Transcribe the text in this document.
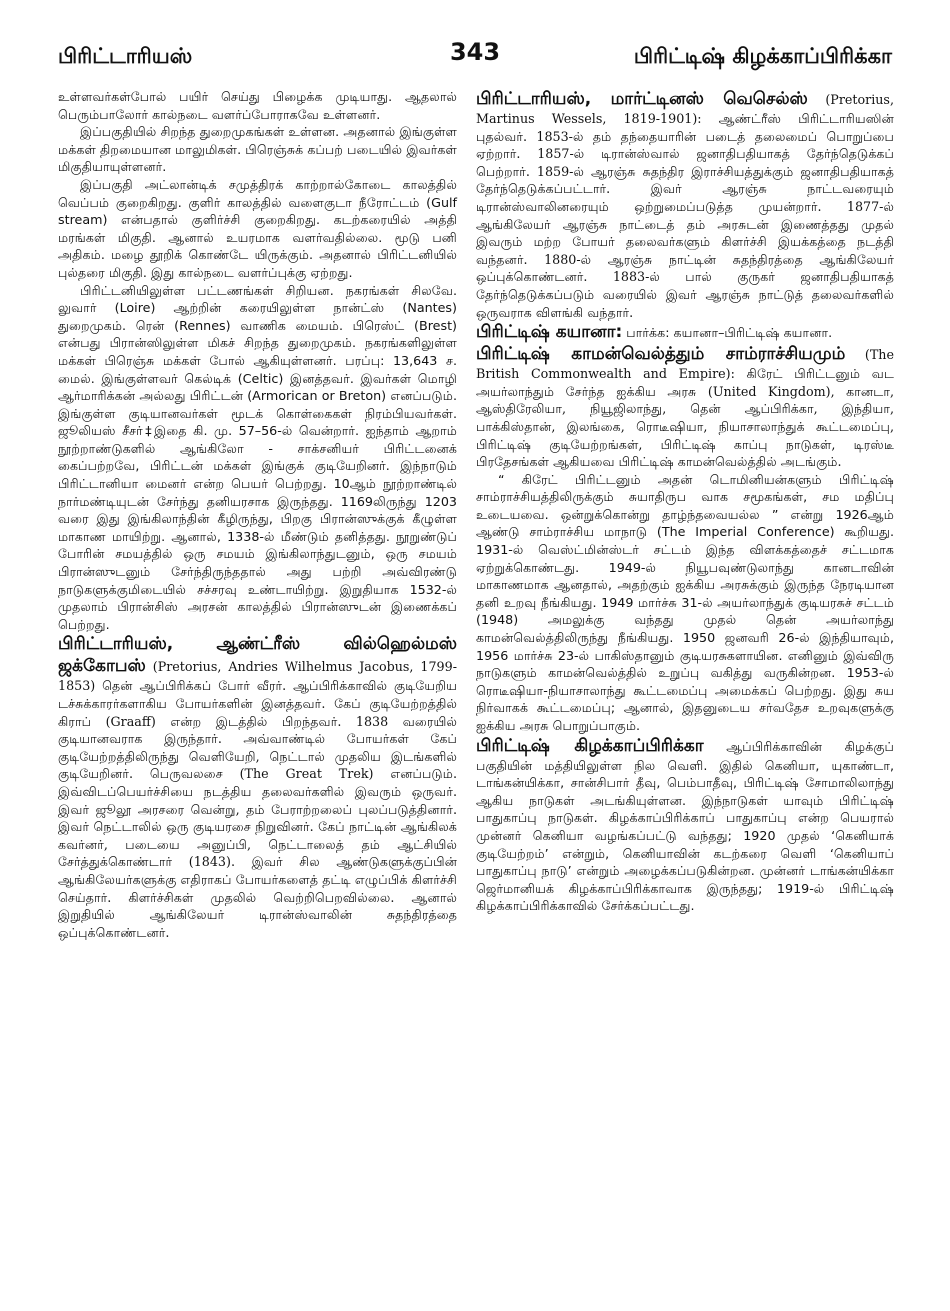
பிரிட்டாரியஸ்	343	பிரிட்டிஷ் கிழக்காப்பிரிக்கா

உள்ளவர்கள்போல் பயிர் செய்து பிழைக்க முடியாது. ஆதலால் பெரும்பாலோர் கால்நடை வளர்ப்போராகவே உள்ளனர்.

இப்பகுதியில் சிறந்த துறைமுகங்கள் உள்ளன. அதனால் இங்குள்ள மக்கள் திறமையான மாலுமிகள். பிரெஞ்சுக் கப்பற் படையில் இவர்கள் மிகுதியாயுள்ளனர்.

இப்பகுதி அட்லான்டிக் சமுத்திரக் காற்றால்கோடை காலத்தில் வெப்பம் குறைகிறது. குளிர் காலத்தில் வளைகுடா நீரோட்டம் (Gulf stream) என்பதால் குளிர்ச்சி குறைகிறது. கடற்கரையில் அத்தி மரங்கள் மிகுதி. ஆனால் உயரமாக வளர்வதில்லை. மூடு பனி அதிகம். மழை தூறிக் கொண்டே யிருக்கும். அதனால் பிரிட்டனியில் புல்தரை மிகுதி. இது கால்நடை வளர்ப்புக்கு ஏற்றது.

பிரிட்டனியிலுள்ள பட்டணங்கள் சிறியன. நகரங்கள் சிலவே. லுவார் (Loire) ஆற்றின் கரையிலுள்ள நான்ட்ஸ் (Nantes) துறைமுகம். ரென் (Rennes) வாணிக மையம். பிரெஸ்ட் (Brest) என்பது பிரான்ஸிலுள்ள மிகச் சிறந்த துறைமுகம். நகரங்களிலுள்ள மக்கள் பிரெஞ்சு மக்கள் போல் ஆகியுள்ளனர். பரப்பு: 13,643 ச. மைல். இங்குள்ளவர் கெல்டிக் (Celtic) இனத்தவர். இவர்கள் மொழி ஆர்மாரிக்கன் அல்லது பிரிட்டன் (Armorican or Breton) எனப்படும். இங்குள்ள குடியானவர்கள் மூடக் கொள்கைகள் நிரம்பியவர்கள். ஜூலியஸ் சீசர்‡இதை கி. மு. 57–56-ல் வென்றார். ஐந்தாம் ஆறாம் நூற்றாண்டுகளில் ஆங்கிலோ - சாக்சனியர் பிரிட்டனைக் கைப்பற்றவே, பிரிட்டன் மக்கள் இங்குக் குடியேறினர். இந்நாடும் பிரிட்டானியா மைனர் என்ற பெயர் பெற்றது. 10ஆம் நூற்றாண்டில் நார்மண்டியுடன் சேர்ந்து தனியரசாக இருந்தது. 1169லிருந்து 1203 வரை இது இங்கிலாந்தின் கீழிருந்து, பிறகு பிரான்ஸுக்குக் கீழுள்ள மாகாண மாயிற்று. ஆனால், 1338-ல் மீண்டும் தனித்தது. நூறுண்டுப் போரின் சமயத்தில் ஒரு சமயம் இங்கிலாந்துடனும், ஒரு சமயம் பிரான்ஸுடனும் சேர்ந்திருந்ததால் அது பற்றி அவ்விரண்டு நாடுகளுக்குமிடையில் சச்சரவு உண்டாயிற்று. இறுதியாக 1532-ல் முதலாம் பிரான்சிஸ் அரசன் காலத்தில் பிரான்ஸுடன் இணைக்கப் பெற்றது.

பிரிட்டாரியஸ், ஆண்ட்ரீஸ் வில்ஹெல்மஸ் ஜக்கோபஸ் (Pretorius, Andries Wilhelmus Jacobus, 1799-1853) தென் ஆப்பிரிக்கப் போர் வீரர். ஆப்பிரிக்காவில் குடியேறிய டச்சுக்காரர்களாகிய போயர்களின் இனத்தவர். கேப் குடியேற்றத்தில் கிராப் (Graaff) என்ற இடத்தில் பிறந்தவர். 1838 வரையில் குடியானவராக இருந்தார். அவ்வாண்டில் போயர்கள் கேப் குடியேற்றத்திலிருந்து வெளியேறி, நெட்டால் முதலிய இடங்களில் குடியேறினர். பெருவலசை (The Great Trek) எனப்படும். இவ்விடப்பெயர்ச்சியை நடத்திய தலைவர்களில் இவரும் ஒருவர். இவர் ஜூலூ அரசரை வென்று, தம் பேராற்றலைப் புலப்படுத்தினார். இவர் நெட்டாலில் ஒரு குடியரசை நிறுவினர். கேப் நாட்டின் ஆங்கிலக் கவர்னர், படையை அனுப்பி, நெட்டாலைத் தம் ஆட்சியில் சேர்த்துக்கொண்டார் (1843). இவர் சில ஆண்டுகளுக்குப்பின் ஆங்கிலேயர்களுக்கு எதிராகப் போயர்களைத் தட்டி எழுப்பிக் கிளர்ச்சி செய்தார். கிளர்ச்சிகள் முதலில் வெற்றிபெறவில்லை. ஆனால் இறுதியில் ஆங்கிலேயர் டிரான்ஸ்வாலின் சுதந்திரத்தை ஒப்புக்கொண்டனர்.

பிரிட்டாரியஸ், மார்ட்டினஸ் வெசெல்ஸ் (Pretorius, Martinus Wessels, 1819-1901): ஆண்ட்ரீஸ் பிரிட்டாரியஸின் புதல்வர். 1853-ல் தம் தந்தையாரின் படைத் தலைமைப் பொறுப்பை ஏற்றார். 1857-ல் டிரான்ஸ்வால் ஜனாதிபதியாகத் தேர்ந்தெடுக்கப் பெற்றார். 1859-ல் ஆரஞ்சு சுதந்திர இராச்சியத்துக்கும் ஜனாதிபதியாகத் தேர்ந்தெடுக்கப்பட்டார். இவர் ஆரஞ்சு நாட்டவரையும் டிரான்ஸ்வாலினரையும் ஒற்றுமைப்படுத்த முயன்றார். 1877-ல் ஆங்கிலேயர் ஆரஞ்சு நாட்டைத் தம் அரசுடன் இணைத்தது முதல் இவரும் மற்ற போயர் தலைவர்களும் கிளர்ச்சி இயக்கத்தை நடத்தி வந்தனர். 1880-ல் ஆரஞ்சு நாட்டின் சுதந்திரத்தை ஆங்கிலேயர் ஒப்புக்கொண்டனர். 1883-ல் பால் குருகர் ஜனாதிபதியாகத் தேர்ந்தெடுக்கப்படும் வரையில் இவர் ஆரஞ்சு நாட்டுத் தலைவர்களில் ஒருவராக விளங்கி வந்தார்.

பிரிட்டிஷ் கயானா: பார்க்க: கயானா–பிரிட்டிஷ் கயானா.

பிரிட்டிஷ் காமன்வெல்த்தும் சாம்ராச்சியமும் (The British Commonwealth and Empire): கிரேட் பிரிட்டனும் வட அயர்லாந்தும் சேர்ந்த ஐக்கிய அரசு (United Kingdom), கானடா, ஆஸ்திரேலியா, நியூஜிலாந்து, தென் ஆப்பிரிக்கா, இந்தியா, பாக்கிஸ்தான், இலங்கை, ரொடீஷியா, நியாசாலாந்துக் கூட்டமைப்பு, பிரிட்டிஷ் குடியேற்றங்கள், பிரிட்டிஷ் காப்பு நாடுகள், டிரஸ்டீ பிரதேசங்கள் ஆகியவை பிரிட்டிஷ் காமன்வெல்த்தில் அடங்கும்.

“ கிரேட் பிரிட்டனும் அதன் டொமினியன்களும் பிரிட்டிஷ் சாம்ராச்சியத்திலிருக்கும் சுயாதிருப வாக சமூகங்கள், சம மதிப்பு உடையவை. ஒன்றுக்கொன்று தாழ்ந்தவையல்ல ” என்று 1926ஆம் ஆண்டு சாம்ராச்சிய மாநாடு (The Imperial Conference) கூறியது. 1931-ல் வெஸ்ட்மின்ஸ்டர் சட்டம் இந்த விளக்கத்தைச் சட்டமாக ஏற்றுக்கொண்டது. 1949-ல் நியூபவுண்டுலாந்து கானடாவின் மாகாணமாக ஆனதால், அதற்கும் ஐக்கிய அரசுக்கும் இருந்த நேரடியான தனி உறவு நீங்கியது. 1949 மார்ச்சு 31-ல் அயர்லாந்துக் குடியரசுச் சட்டம் (1948) அமலுக்கு வந்தது முதல் தென் அயர்லாந்து காமன்வெல்த்திலிருந்து நீங்கியது. 1950 ஜனவரி 26-ல் இந்தியாவும், 1956 மார்ச்சு 23-ல் பாகிஸ்தானும் குடியரசுகளாயின. எனினும் இவ்விரு நாடுகளும் காமன்வெல்த்தில் உறுப்பு வகித்து வருகின்றன. 1953-ல் ரொடீஷியா-நியாசாலாந்து கூட்டமைப்பு அமைக்கப் பெற்றது. இது சுய நிர்வாகக் கூட்டமைப்பு; ஆனால், இதனுடைய சர்வதேச உறவுகளுக்கு ஐக்கிய அரசு பொறுப்பாகும்.

பிரிட்டிஷ் கிழக்காப்பிரிக்கா ஆப்பிரிக்காவின் கிழக்குப் பகுதியின் மத்தியிலுள்ள நில வெளி. இதில் கெனியா, யுகாண்டா, டாங்கன்யிக்கா, சான்சிபார் தீவு, பெம்பாதீவு, பிரிட்டிஷ் சோமாலிலாந்து ஆகிய நாடுகள் அடங்கியுள்ளன. இந்நாடுகள் யாவும் பிரிட்டிஷ் பாதுகாப்பு நாடுகள். கிழக்காப்பிரிக்காப் பாதுகாப்பு என்ற பெயரால் முன்னர் கெனியா வழங்கப்பட்டு வந்தது; 1920 முதல் ‘கெனியாக் குடியேற்றம்’ என்றும், கெனியாவின் கடற்கரை வெளி ‘கெனியாப் பாதுகாப்பு நாடு’ என்றும் அழைக்கப்படுகின்றன. முன்னர் டாங்கன்யிக்கா ஜெர்மானியக் கிழக்காப்பிரிக்காவாக இருந்தது; 1919-ல் பிரிட்டிஷ் கிழக்காப்பிரிக்காவில் சேர்க்கப்பட்டது.
